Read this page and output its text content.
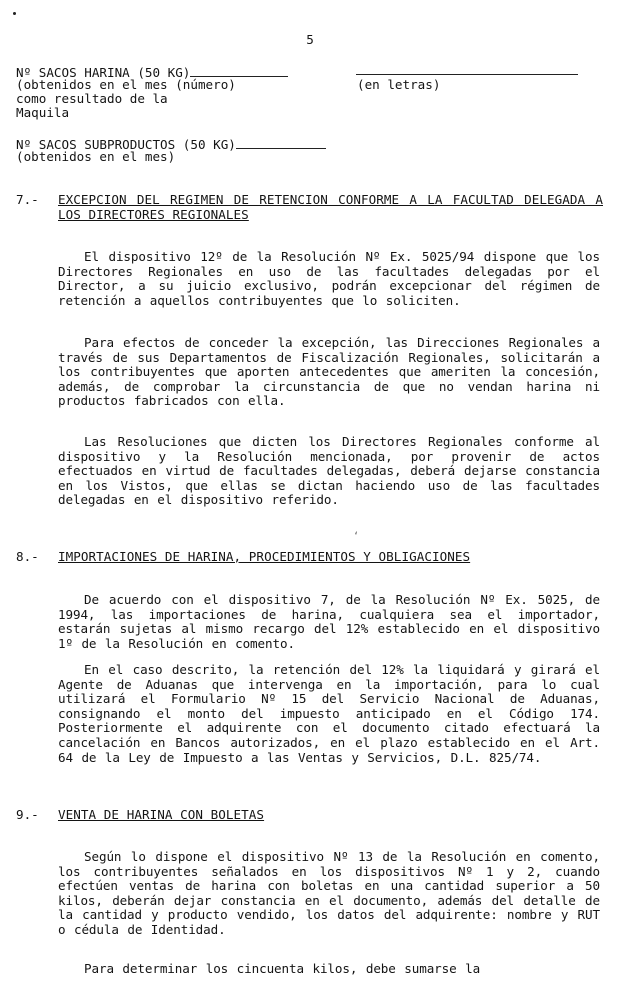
5
Nº SACOS HARINA (50 KG)
(obtenidos en el mes (número)	(en letras)
como resultado de la
Maquila
Nº SACOS SUBPRODUCTOS (50 KG)
(obtenidos en el mes)
7.- EXCEPCION DEL REGIMEN DE RETENCION CONFORME A LA FACULTAD DELEGADA A LOS DIRECTORES REGIONALES
El dispositivo 12º de la Resolución Nº Ex. 5025/94 dispone que los Directores Regionales en uso de las facultades delegadas por el Director, a su juicio exclusivo, podrán excepcionar del régimen de retención a aquellos contribuyentes que lo soliciten.
Para efectos de conceder la excepción, las Direcciones Regionales a través de sus Departamentos de Fiscalización Regionales, solicitarán a los contribuyentes que aporten antecedentes que ameriten la concesión, además, de comprobar la circunstancia de que no vendan harina ni productos fabricados con ella.
Las Resoluciones que dicten los Directores Regionales conforme al dispositivo y la Resolución mencionada, por provenir de actos efectuados en virtud de facultades delegadas, deberá dejarse constancia en los Vistos, que ellas se dictan haciendo uso de las facultades delegadas en el dispositivo referido.
‘
8.- IMPORTACIONES DE HARINA, PROCEDIMIENTOS Y OBLIGACIONES
De acuerdo con el dispositivo 7, de la Resolución Nº Ex. 5025, de 1994, las importaciones de harina, cualquiera sea el importador, estarán sujetas al mismo recargo del 12% establecido en el dispositivo 1º de la Resolución en comento.
En el caso descrito, la retención del 12% la liquidará y girará el Agente de Aduanas que intervenga en la importación, para lo cual utilizará el Formulario Nº 15 del Servicio Nacional de Aduanas, consignando el monto del impuesto anticipado en el Código 174. Posteriormente el adquirente con el documento citado efectuará la cancelación en Bancos autorizados, en el plazo establecido en el Art. 64 de la Ley de Impuesto a las Ventas y Servicios, D.L. 825/74.
9.- VENTA DE HARINA CON BOLETAS
Según lo dispone el dispositivo Nº 13 de la Resolución en comento, los contribuyentes señalados en los dispositivos Nº 1 y 2, cuando efectúen ventas de harina con boletas en una cantidad superior a 50 kilos, deberán dejar constancia en el documento, además del detalle de la cantidad y producto vendido, los datos del adquirente: nombre y RUT o cédula de Identidad.
Para determinar los cincuenta kilos, debe sumarse la
